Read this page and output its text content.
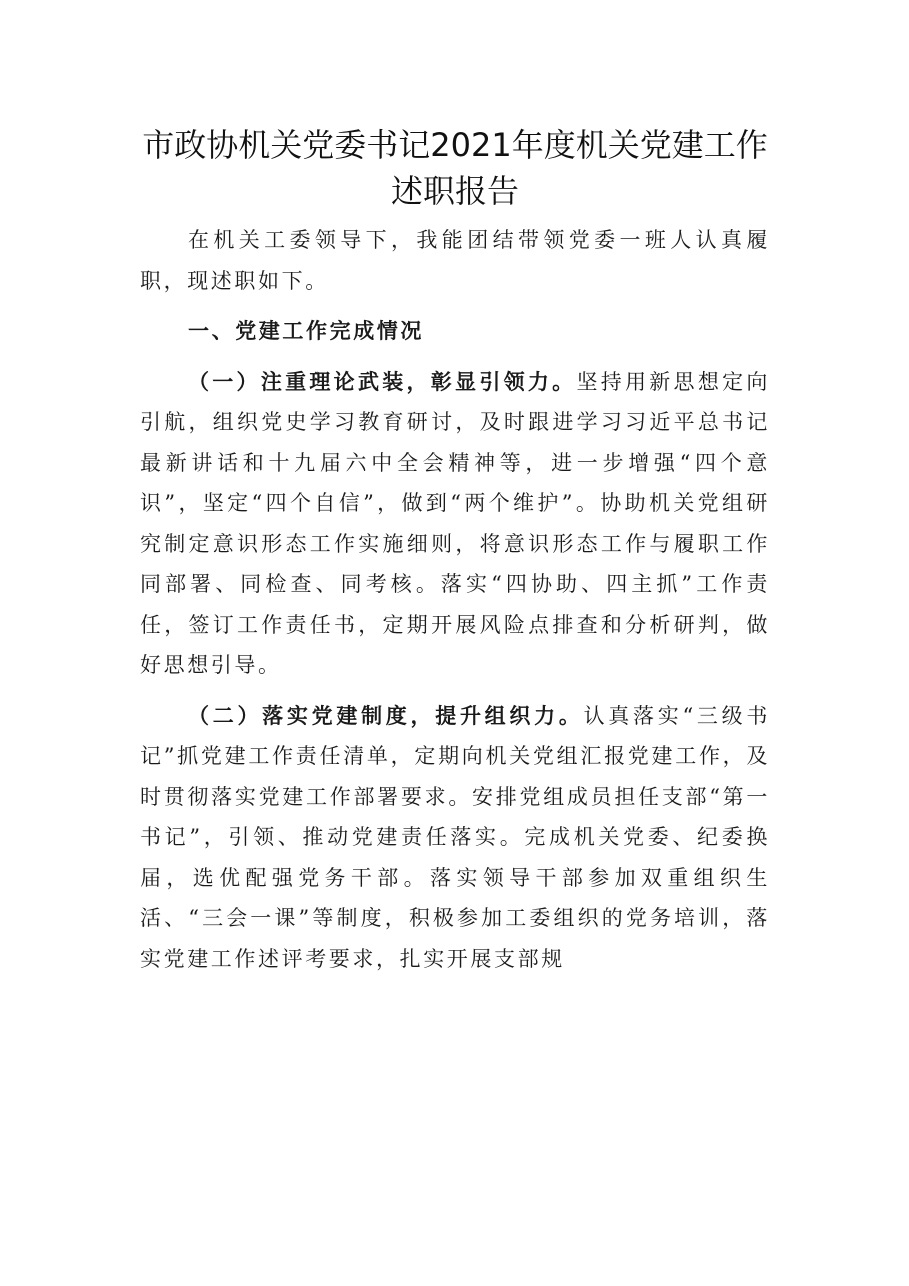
市政协机关党委书记2021年度机关党建工作述职报告

在机关工委领导下，我能团结带领党委一班人认真履职，现述职如下。

一、党建工作完成情况

（一）注重理论武装，彰显引领力。坚持用新思想定向引航，组织党史学习教育研讨，及时跟进学习习近平总书记最新讲话和十九届六中全会精神等，进一步增强“四个意识”，坚定“四个自信”，做到“两个维护”。协助机关党组研究制定意识形态工作实施细则，将意识形态工作与履职工作同部署、同检查、同考核。落实“四协助、四主抓”工作责任，签订工作责任书，定期开展风险点排查和分析研判，做好思想引导。

（二）落实党建制度，提升组织力。认真落实“三级书记”抓党建工作责任清单，定期向机关党组汇报党建工作，及时贯彻落实党建工作部署要求。安排党组成员担任支部“第一书记”，引领、推动党建责任落实。完成机关党委、纪委换届，选优配强党务干部。落实领导干部参加双重组织生活、“三会一课”等制度，积极参加工委组织的党务培训，落实党建工作述评考要求，扎实开展支部规
